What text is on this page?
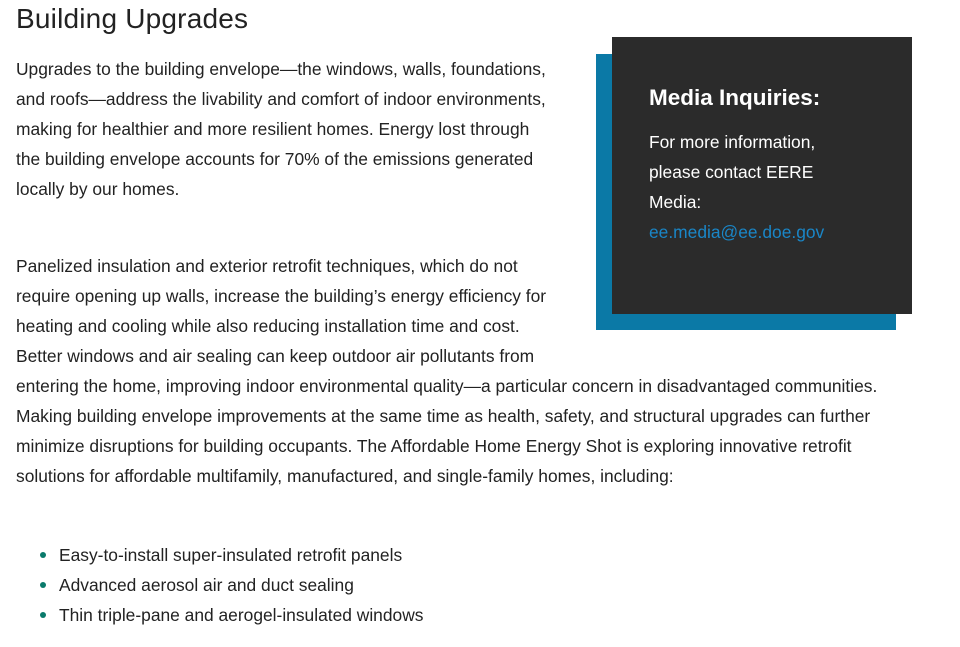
Building Upgrades

Upgrades to the building envelope—the windows, walls, foundations, and roofs—address the livability and comfort of indoor environments, making for healthier and more resilient homes. Energy lost through the building envelope accounts for 70% of the emissions generated locally by our homes.

Panelized insulation and exterior retrofit techniques, which do not require opening up walls, increase the building’s energy efficiency for heating and cooling while also reducing installation time and cost. Better windows and air sealing can keep outdoor air pollutants from entering the home, improving indoor environmental quality—a particular concern in disadvantaged communities. Making building envelope improvements at the same time as health, safety, and structural upgrades can further minimize disruptions for building occupants. The Affordable Home Energy Shot is exploring innovative retrofit solutions for affordable multifamily, manufactured, and single-family homes, including:

Easy-to-install super-insulated retrofit panels
Advanced aerosol air and duct sealing
Thin triple-pane and aerogel-insulated windows
Media Inquiries:

For more information, please contact EERE Media:
ee.media@ee.doe.gov
